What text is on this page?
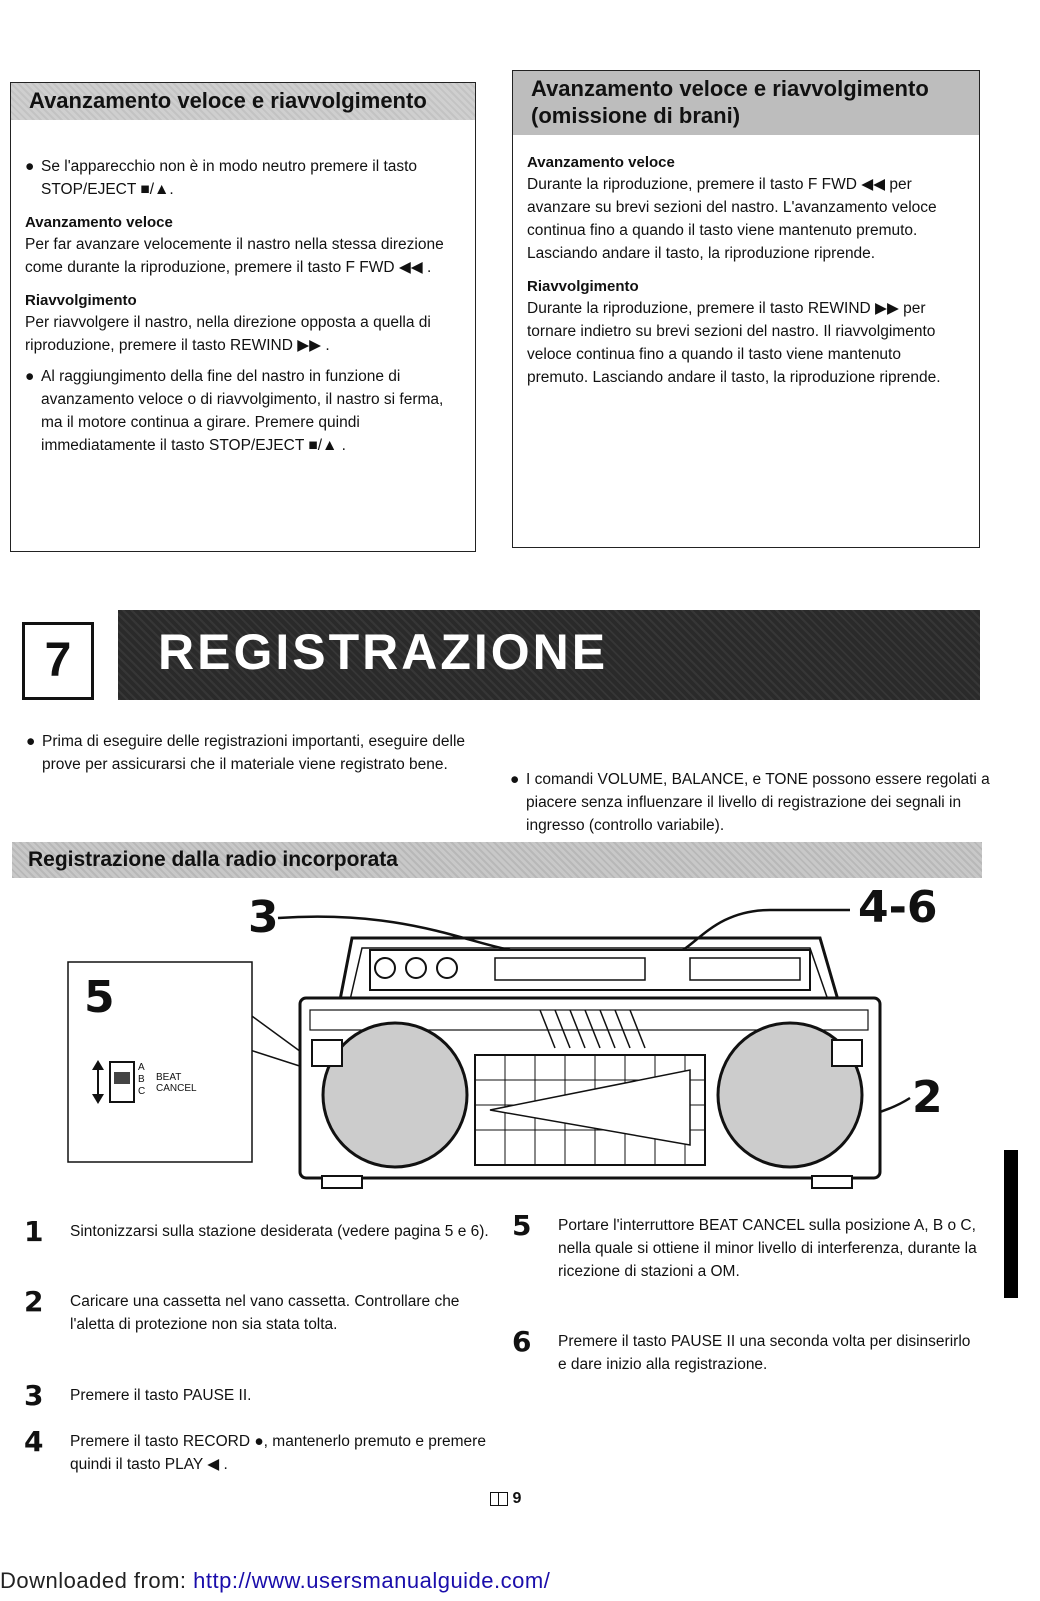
Avanzamento veloce e riavvolgimento

● Se l'apparecchio non è in modo neutro premere il tasto STOP/EJECT ■/▲.

Avanzamento veloce

Per far avanzare velocemente il nastro nella stessa direzione come durante la riproduzione, premere il tasto F FWD ◀◀ .

Riavvolgimento

Per riavvolgere il nastro, nella direzione opposta a quella di riproduzione, premere il tasto REWIND ▶▶ .

● Al raggiungimento della fine del nastro in funzione di avanzamento veloce o di riavvolgimento, il nastro si ferma, ma il motore continua a girare. Premere quindi immediatamente il tasto STOP/EJECT ■/▲ .

Avanzamento veloce e riavvolgimento (omissione di brani)

Avanzamento veloce

Durante la riproduzione, premere il tasto F FWD ◀◀ per avanzare su brevi sezioni del nastro. L'avanzamento veloce continua fino a quando il tasto viene mantenuto premuto. Lasciando andare il tasto, la riproduzione riprende.

Riavvolgimento

Durante la riproduzione, premere il tasto REWIND ▶▶ per tornare indietro su brevi sezioni del nastro. Il riavvolgimento veloce continua fino a quando il tasto viene mantenuto premuto. Lasciando andare il tasto, la riproduzione riprende.

7	REGISTRAZIONE

● Prima di eseguire delle registrazioni importanti, eseguire delle prove per assicurarsi che il materiale viene registrato bene.

● I comandi VOLUME, BALANCE, e TONE possono essere regolati a piacere senza influenzare il livello di registrazione dei segnali in ingresso (controllo variabile).

Registrazione dalla radio incorporata
3	4-6
2
5
A
B
C
BEAT
CANCEL
1 Sintonizzarsi sulla stazione desiderata (vedere pagina 5 e 6).
2 Caricare una cassetta nel vano cassetta. Controllare che l'aletta di protezione non sia stata tolta.
3 Premere il tasto PAUSE II.
4 Premere il tasto RECORD ●, mantenerlo premuto e premere quindi il tasto PLAY ◀ .
5 Portare l'interruttore BEAT CANCEL sulla posizione A, B o C, nella quale si ottiene il minor livello di interferenza, durante la ricezione di stazioni a OM.
6 Premere il tasto PAUSE II una seconda volta per disinserirlo e dare inizio alla registrazione.
9
Downloaded from: http://www.usersmanualguide.com/
